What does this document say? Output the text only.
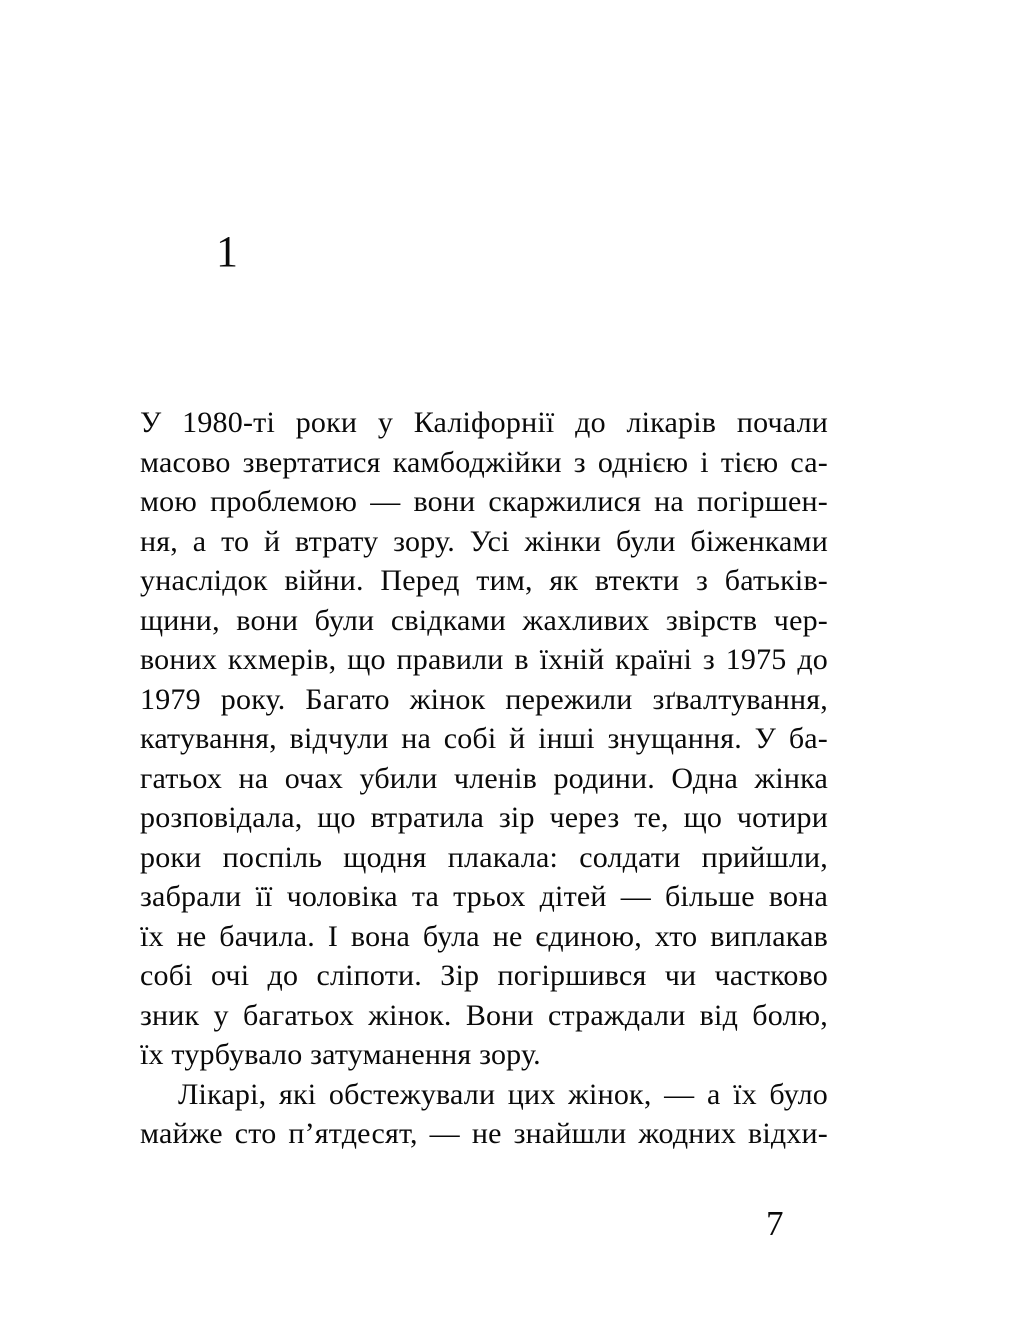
1
У 1980-ті роки у Каліфорнії до лікарів почали
масово звертатися камбоджійки з однією і тією са-
мою проблемою — вони скаржилися на погіршен-
ня, а то й втрату зору. Усі жінки були біженками
унаслідок війни. Перед тим, як втекти з батьків-
щини, вони були свідками жахливих звірств чер-
воних кхмерів, що правили в їхній країні з 1975 до
1979 року. Багато жінок пережили зґвалтування,
катування, відчули на собі й інші знущання. У ба-
гатьох на очах убили членів родини. Одна жінка
розповідала, що втратила зір через те, що чотири
роки поспіль щодня плакала: солдати прийшли,
забрали її чоловіка та трьох дітей — більше вона
їх не бачила. І вона була не єдиною, хто виплакав
собі очі до сліпоти. Зір погіршився чи частково
зник у багатьох жінок. Вони страждали від болю,
їх турбувало затуманення зору.
Лікарі, які обстежували цих жінок, — а їх було
майже сто п’ятдесят, — не знайшли жодних відхи-
7
